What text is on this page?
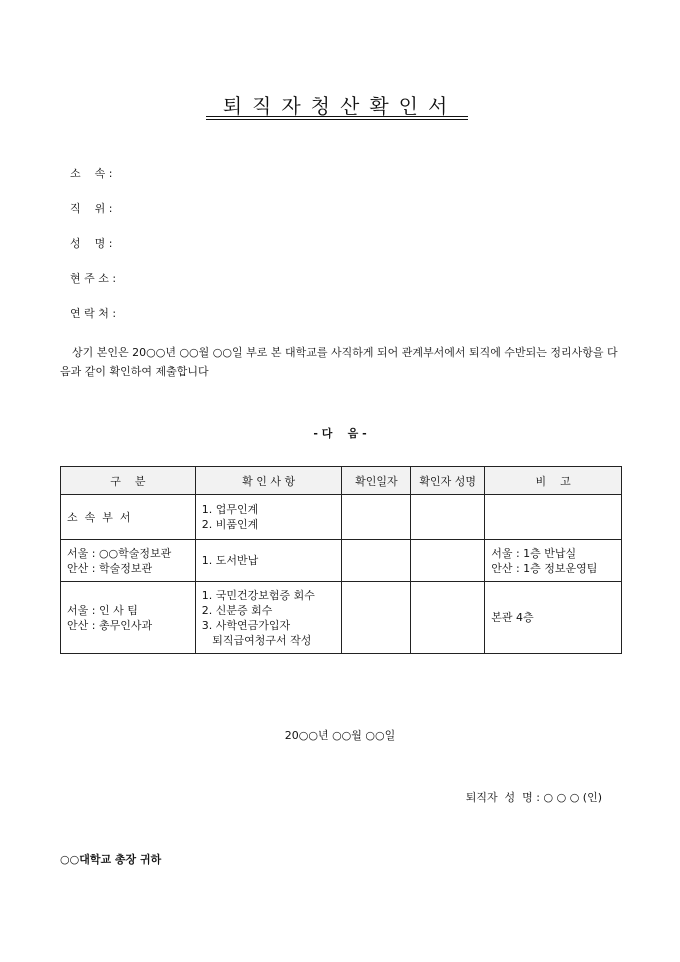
퇴직자청산확인서
소    속 :
직    위 :
성    명 :
현 주 소 :
연 락 처 :
상기 본인은 20○○년 ○○월 ○○일 부로 본 대학교를 사직하게 되어 관계부서에서 퇴직에 수반되는 정리사항을 다음과 같이 확인하여 제출합니다
- 다    음 -
구    분	확 인 사 항	확인일자	확인자 성명	비    고

소  속  부  서	1. 업무인계
2. 비품인계			

서울 : ○○학술정보관
안산 : 학술정보관	1. 도서반납			서울 : 1층 반납실
안산 : 1층 정보운영팀

서울 : 인 사 팀
안산 : 총무인사과	1. 국민건강보험증 회수
2. 신분증 회수
3. 사학연금가입자
퇴직급여청구서 작성			본관 4층
20○○년 ○○월 ○○일
퇴직자  성  명 : ○ ○ ○ (인)
○○대학교 총장 귀하
